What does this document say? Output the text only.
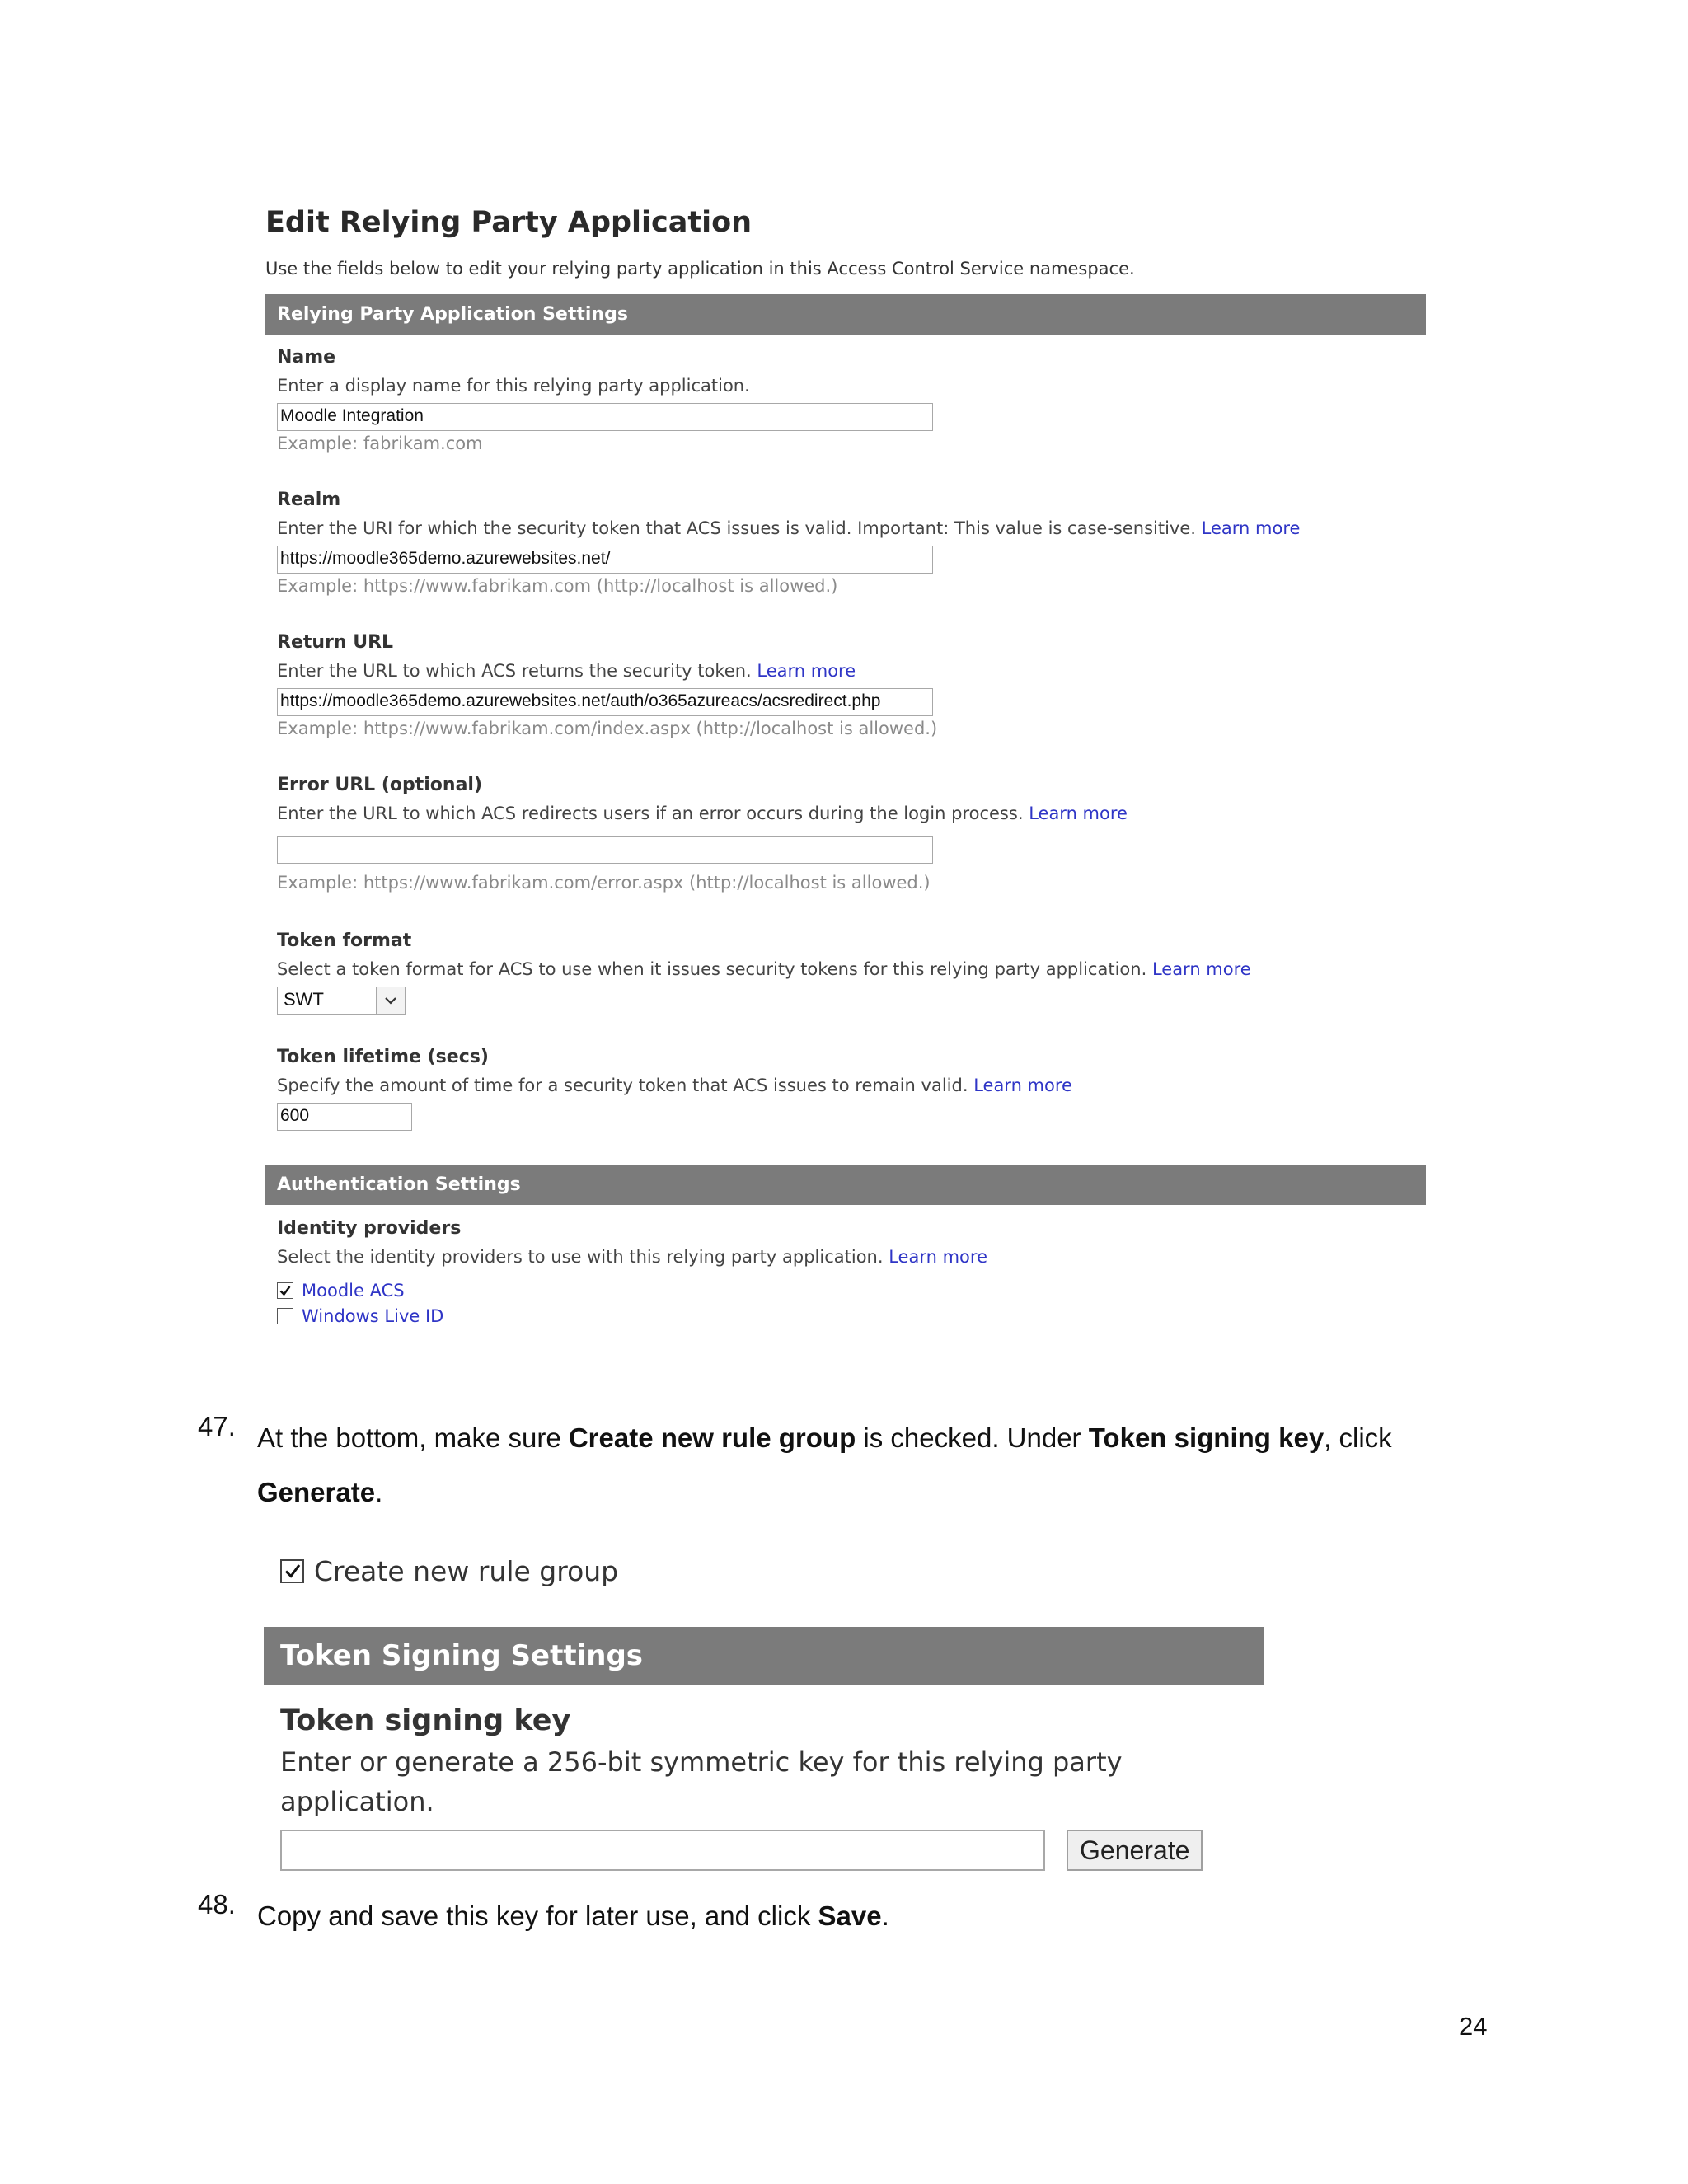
Edit Relying Party Application
Use the fields below to edit your relying party application in this Access Control Service namespace.
Relying Party Application Settings
Name
Enter a display name for this relying party application.
Moodle Integration
Example: fabrikam.com
Realm
Enter the URI for which the security token that ACS issues is valid. Important: This value is case-sensitive. Learn more
https://moodle365demo.azurewebsites.net/
Example: https://www.fabrikam.com (http://localhost is allowed.)
Return URL
Enter the URL to which ACS returns the security token. Learn more
https://moodle365demo.azurewebsites.net/auth/o365azureacs/acsredirect.php
Example: https://www.fabrikam.com/index.aspx (http://localhost is allowed.)
Error URL (optional)
Enter the URL to which ACS redirects users if an error occurs during the login process. Learn more
Example: https://www.fabrikam.com/error.aspx (http://localhost is allowed.)
Token format
Select a token format for ACS to use when it issues security tokens for this relying party application. Learn more
SWT
Token lifetime (secs)
Specify the amount of time for a security token that ACS issues to remain valid. Learn more
600
Authentication Settings
Identity providers
Select the identity providers to use with this relying party application. Learn more
Moodle ACS
Windows Live ID
47. At the bottom, make sure Create new rule group is checked. Under Token signing key, click Generate.
Create new rule group
Token Signing Settings
Token signing key
Enter or generate a 256-bit symmetric key for this relying party application.
Generate
48. Copy and save this key for later use, and click Save.
24
